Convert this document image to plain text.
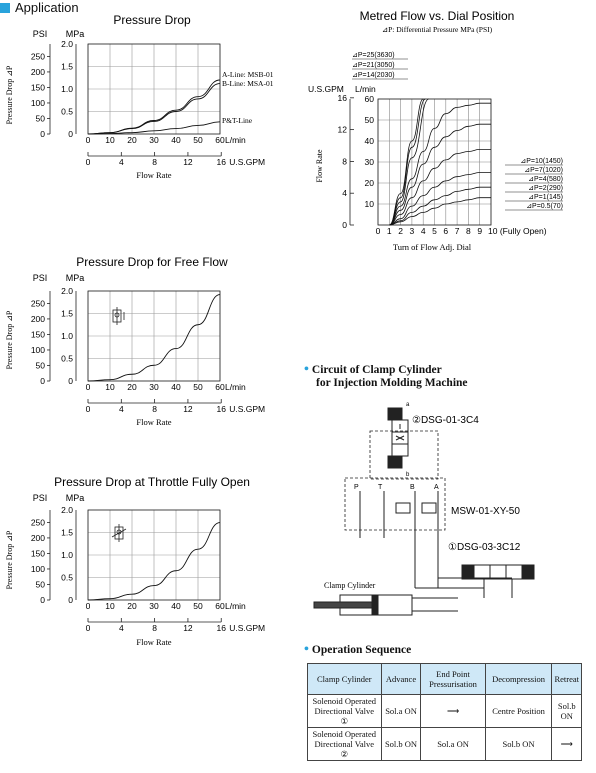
Pressure Drop
PSI MPa
Pressure Drop ⊿P
0 10 20 30 40 50 60 L/min
0
0.5
1.0
1.5
2.0
0
50
100
150
200
250
0	4	8	12	16 U.S.GPM
A-Line: MSB-01
B-Line: MSA-01
P&T-Line
Flow Rate
Pressure Drop for Free Flow
PSI MPa
Pressure Drop ⊿P
0 10 20 30 40 50 60 L/min
0
0.5
1.0
1.5
2.0
0
50
100
150
200
250
0	4	8	12	16 U.S.GPM
Flow Rate
Pressure Drop at Throttle Fully Open
PSI MPa
Pressure Drop ⊿P
0 10 20 30 40 50 60 L/min
0
0.5
1.0
1.5
2.0
0
50
100
150
200
250
0	4	8	12	16 U.S.GPM
Flow Rate
Metred Flow vs. Dial Position
⊿P: Differential Pressure MPa (PSI)
U.S.GPM L/min
Flow Rate
0 1 2 3 4 5 6 7 8 9 10 (Fully Open)
10
20
30
40
50
60
0
4
8
12
16
⊿P=25(3630)
⊿P=21(3050)
⊿P=14(2030)
⊿P=10(1450)
⊿P=7(1020)
⊿P=4(580)
⊿P=2(290)
⊿P=1(145)
⊿P=0.5(70)
Turn of Flow Adj. Dial
Application
• Circuit of Clamp Cylinder
for Injection Molding Machine
a
b
②DSG-01-3C4
P	T	B	A
MSW-01-XY-50
①DSG-03-3C12
Clamp Cylinder
• Operation Sequence
Clamp Cylinder	Advance	End Point Pressurisation	Decompression	Retreat
Solenoid Operated Directional Valve ①	Sol.a ON	⟶	Centre Position	Sol.b ON
Solenoid Operated Directional Valve ②	Sol.b ON	Sol.a ON	Sol.b ON	⟶
